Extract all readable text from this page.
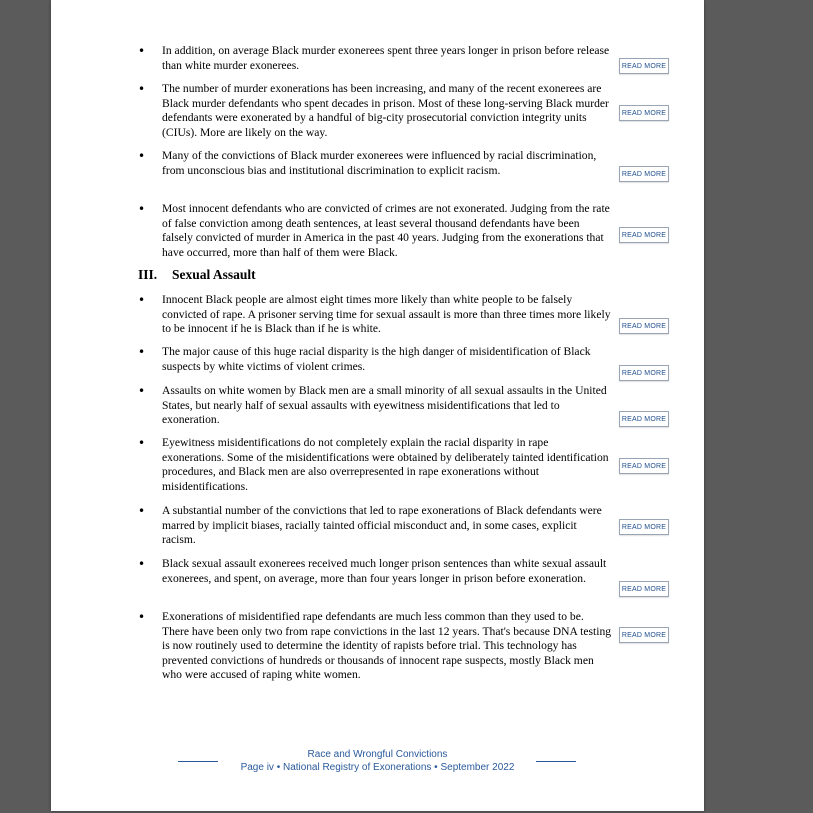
• In addition, on average Black murder exonerees spent three years longer in prison before release than white murder exonerees.	READ MORE
• The number of murder exonerations has been increasing, and many of the recent exonerees are Black murder defendants who spent decades in prison. Most of these long-serving Black murder defendants were exonerated by a handful of big-city prosecutorial conviction integrity units (CIUs). More are likely on the way.

READ MORE
• Many of the convictions of Black murder exonerees were influenced by racial discrimination, from unconscious bias and institutional discrimination to explicit racism.	READ MORE
• Most innocent defendants who are convicted of crimes are not exonerated. Judging from the rate of false conviction among death sentences, at least several thousand defendants have been falsely convicted of murder in America in the past 40 years. Judging from the exonerations that have occurred, more than half of them were Black.

READ MORE
III. Sexual Assault
• Innocent Black people are almost eight times more likely than white people to be falsely convicted of rape. A prisoner serving time for sexual assault is more than three times more likely to be innocent if he is Black than if he is white.	READ MORE
• The major cause of this huge racial disparity is the high danger of misidentification of Black suspects by white victims of violent crimes.

READ MORE
• Assaults on white women by Black men are a small minority of all sexual assaults in the United States, but nearly half of sexual assaults with eyewitness misidentifications that led to exoneration.	READ MORE
• Eyewitness misidentifications do not completely explain the racial disparity in rape exonerations. Some of the misidentifications were obtained by deliberately tainted identification procedures, and Black men are also overrepresented in rape exonerations without misidentifications.

READ MORE
• A substantial number of the convictions that led to rape exonerations of Black defendants were marred by implicit biases, racially tainted official misconduct and, in some cases, explicit racism.

READ MORE
• Black sexual assault exonerees received much longer prison sentences than white sexual assault exonerees, and spent, on average, more than four years longer in prison before exoneration.

READ MORE
• Exonerations of misidentified rape defendants are much less common than they used to be. There have been only two from rape convictions in the last 12 years. That's because DNA testing is now routinely used to determine the identity of rapists before trial. This technology has prevented convictions of hundreds or thousands of innocent rape suspects, mostly Black men who were accused of raping white women.

READ MORE
Race and Wrongful Convictions
Page iv • National Registry of Exonerations • September 2022
